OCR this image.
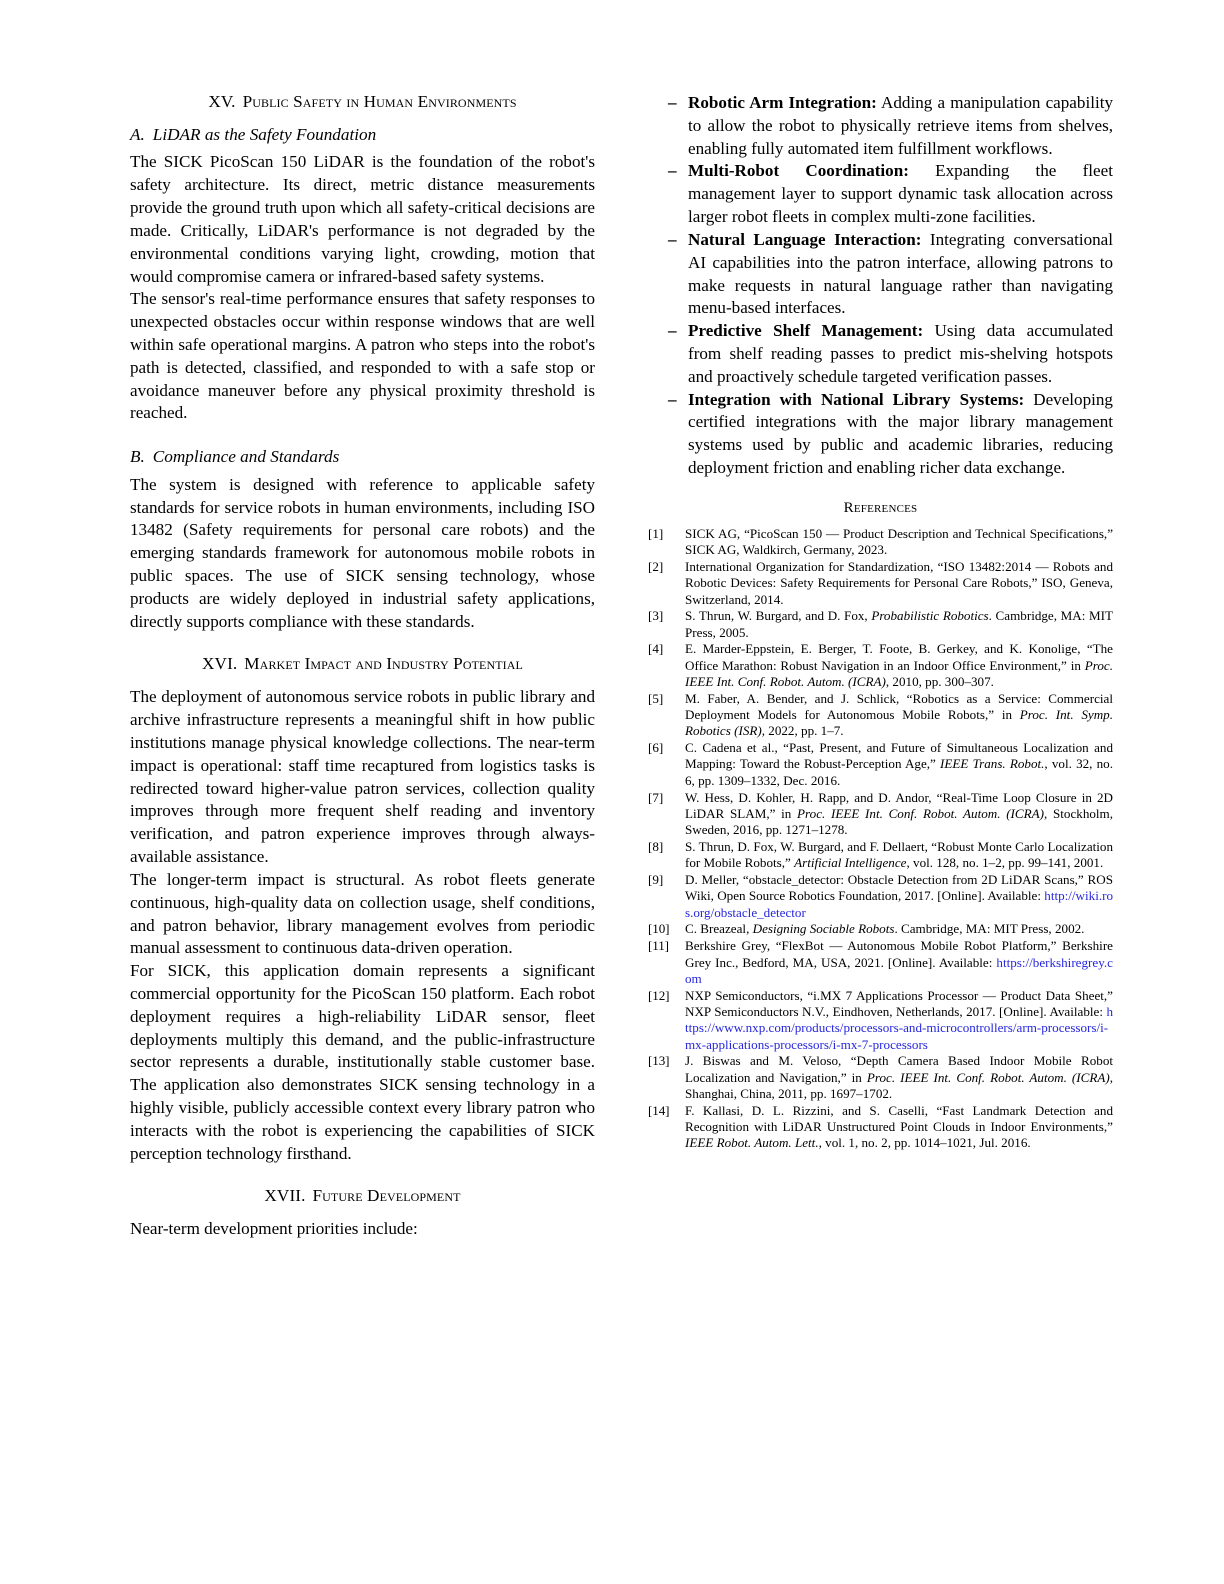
XV. Public Safety in Human Environments
A. LiDAR as the Safety Foundation

The SICK PicoScan 150 LiDAR is the foundation of the robot's safety architecture. Its direct, metric distance measurements provide the ground truth upon which all safety-critical decisions are made. Critically, LiDAR's performance is not degraded by the environmental conditions varying light, crowding, motion that would compromise camera or infrared-based safety systems.

The sensor's real-time performance ensures that safety responses to unexpected obstacles occur within response windows that are well within safe operational margins. A patron who steps into the robot's path is detected, classified, and responded to with a safe stop or avoidance maneuver before any physical proximity threshold is reached.

B. Compliance and Standards

The system is designed with reference to applicable safety standards for service robots in human environments, including ISO 13482 (Safety requirements for personal care robots) and the emerging standards framework for autonomous mobile robots in public spaces. The use of SICK sensing technology, whose products are widely deployed in industrial safety applications, directly supports compliance with these standards.

XVI. Market Impact and Industry Potential

The deployment of autonomous service robots in public library and archive infrastructure represents a meaningful shift in how public institutions manage physical knowledge collections. The near-term impact is operational: staff time recaptured from logistics tasks is redirected toward higher-value patron services, collection quality improves through more frequent shelf reading and inventory verification, and patron experience improves through always-available assistance.

The longer-term impact is structural. As robot fleets generate continuous, high-quality data on collection usage, shelf conditions, and patron behavior, library management evolves from periodic manual assessment to continuous data-driven operation.

For SICK, this application domain represents a significant commercial opportunity for the PicoScan 150 platform. Each robot deployment requires a high-reliability LiDAR sensor, fleet deployments multiply this demand, and the public-infrastructure sector represents a durable, institutionally stable customer base. The application also demonstrates SICK sensing technology in a highly visible, publicly accessible context every library patron who interacts with the robot is experiencing the capabilities of SICK perception technology firsthand.

XVII. Future Development

Near-term development priorities include:

– Robotic Arm Integration: Adding a manipulation capability to allow the robot to physically retrieve items from shelves, enabling fully automated item fulfillment workflows.
– Multi-Robot Coordination: Expanding the fleet management layer to support dynamic task allocation across larger robot fleets in complex multi-zone facilities.
– Natural Language Interaction: Integrating conversational AI capabilities into the patron interface, allowing patrons to make requests in natural language rather than navigating menu-based interfaces.
– Predictive Shelf Management: Using data accumulated from shelf reading passes to predict mis-shelving hotspots and proactively schedule targeted verification passes.
– Integration with National Library Systems: Developing certified integrations with the major library management systems used by public and academic libraries, reducing deployment friction and enabling richer data exchange.
References
[1]	SICK AG, “PicoScan 150 — Product Description and Technical Specifications,” SICK AG, Waldkirch, Germany, 2023.
[2]	International Organization for Standardization, “ISO 13482:2014 — Robots and Robotic Devices: Safety Requirements for Personal Care Robots,” ISO, Geneva, Switzerland, 2014.
[3]	S. Thrun, W. Burgard, and D. Fox, Probabilistic Robotics. Cambridge, MA: MIT Press, 2005.
[4]	E. Marder-Eppstein, E. Berger, T. Foote, B. Gerkey, and K. Konolige, “The Office Marathon: Robust Navigation in an Indoor Office Environment,” in Proc. IEEE Int. Conf. Robot. Autom. (ICRA), 2010, pp. 300–307.
[5]	M. Faber, A. Bender, and J. Schlick, “Robotics as a Service: Commercial Deployment Models for Autonomous Mobile Robots,” in Proc. Int. Symp. Robotics (ISR), 2022, pp. 1–7.
[6]	C. Cadena et al., “Past, Present, and Future of Simultaneous Localization and Mapping: Toward the Robust-Perception Age,” IEEE Trans. Robot., vol. 32, no. 6, pp. 1309–1332, Dec. 2016.
[7]	W. Hess, D. Kohler, H. Rapp, and D. Andor, “Real-Time Loop Closure in 2D LiDAR SLAM,” in Proc. IEEE Int. Conf. Robot. Autom. (ICRA), Stockholm, Sweden, 2016, pp. 1271–1278.
[8]	S. Thrun, D. Fox, W. Burgard, and F. Dellaert, “Robust Monte Carlo Localization for Mobile Robots,” Artificial Intelligence, vol. 128, no. 1–2, pp. 99–141, 2001.
[9]	D. Meller, “obstacle_detector: Obstacle Detection from 2D LiDAR Scans,” ROS Wiki, Open Source Robotics Foundation, 2017. [Online]. Available: http://wiki.ros.org/obstacle_detector
[10]	C. Breazeal, Designing Sociable Robots. Cambridge, MA: MIT Press, 2002.
[11]	Berkshire Grey, “FlexBot — Autonomous Mobile Robot Platform,” Berkshire Grey Inc., Bedford, MA, USA, 2021. [Online]. Available: https://berkshiregrey.com
[12]	NXP Semiconductors, “i.MX 7 Applications Processor — Product Data Sheet,” NXP Semiconductors N.V., Eindhoven, Netherlands, 2017. [Online]. Available: https://www.nxp.com/products/processors-and-microcontrollers/arm-processors/i-mx-applications-processors/i-mx-7-processors
[13]	J. Biswas and M. Veloso, “Depth Camera Based Indoor Mobile Robot Localization and Navigation,” in Proc. IEEE Int. Conf. Robot. Autom. (ICRA), Shanghai, China, 2011, pp. 1697–1702.
[14]	F. Kallasi, D. L. Rizzini, and S. Caselli, “Fast Landmark Detection and Recognition with LiDAR Unstructured Point Clouds in Indoor Environments,” IEEE Robot. Autom. Lett., vol. 1, no. 2, pp. 1014–1021, Jul. 2016.
